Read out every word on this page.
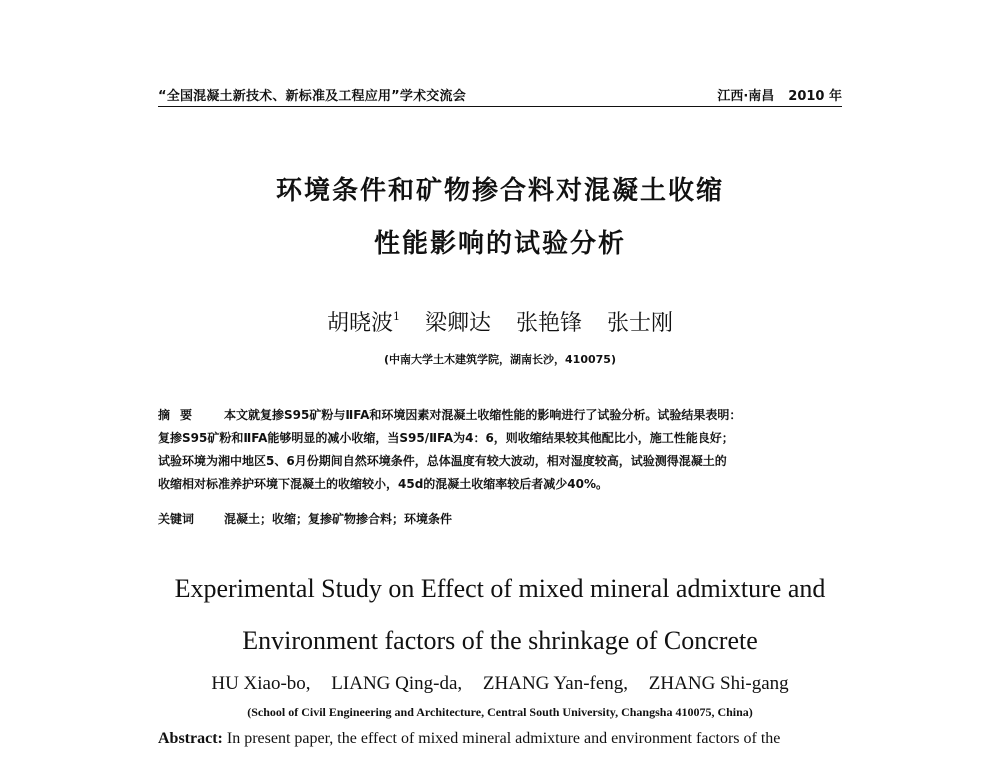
“全国混凝土新技术、新标准及工程应用”学术交流会	江西·南昌 2010 年
环境条件和矿物掺合料对混凝土收缩
性能影响的试验分析
胡晓波$^1$ 梁卿达 张艳锋 张士刚
(中南大学土木建筑学院，湖南长沙，410075)
摘要 本文就复掺S95矿粉与ⅡFA和环境因素对混凝土收缩性能的影响进行了试验分析。试验结果表明：
复掺S95矿粉和ⅡFA能够明显的减小收缩，当S95/ⅡFA为4：6，则收缩结果较其他配比小，施工性能良好；
试验环境为湘中地区5、6月份期间自然环境条件，总体温度有较大波动，相对湿度较高，试验测得混凝土的
收缩相对标准养护环境下混凝土的收缩较小，45d的混凝土收缩率较后者减少40%。
关键词	混凝土；收缩；复掺矿物掺合料；环境条件
Experimental Study on Effect of mixed mineral admixture and
Environment factors of the shrinkage of Concrete
HU Xiao-bo, LIANG Qing-da, ZHANG Yan-feng, ZHANG Shi-gang
(School of Civil Engineering and Architecture, Central South University, Changsha 410075, China)
Abstract: In present paper, the effect of mixed mineral admixture and environment factors of the
